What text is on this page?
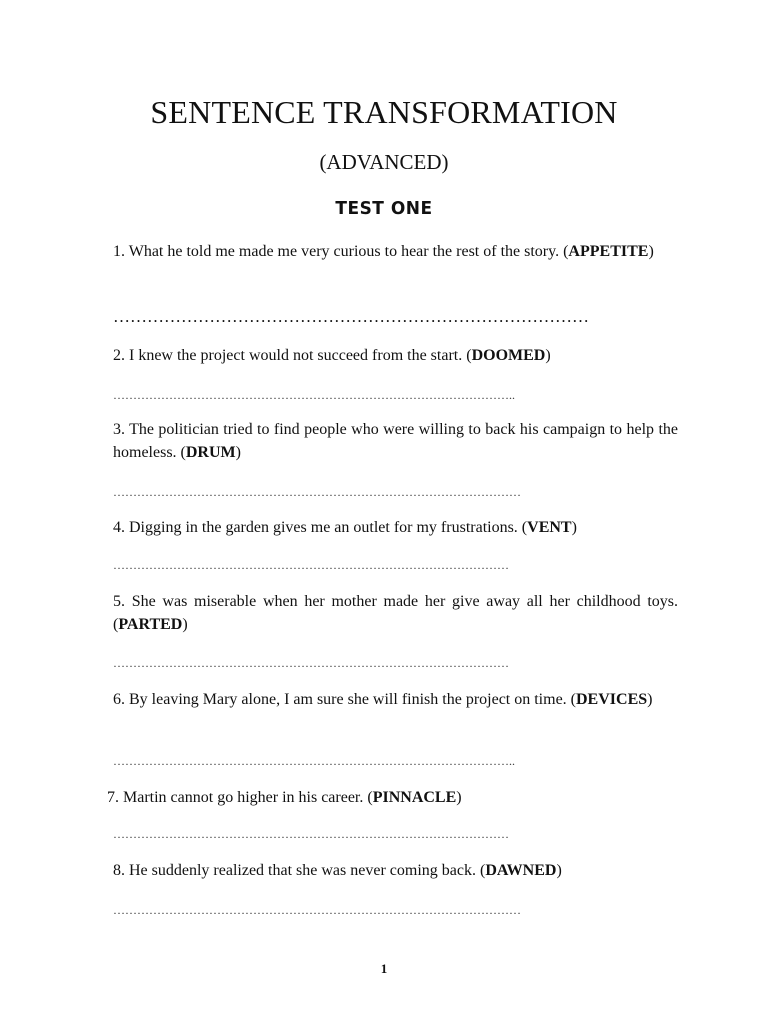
SENTENCE TRANSFORMATION
(ADVANCED)
TEST ONE

1. What he told me made me very curious to hear the rest of the story. (APPETITE)

…………………………………………………………………………

2. I knew the project would not succeed from the start. (DOOMED)

………………………………………………………………………………………..

3. The politician tried to find people who were willing to back his campaign to help the homeless. (DRUM)

…………………………………………………………………………………………

4. Digging in the garden gives me an outlet for my frustrations. (VENT)

………………………………………………………………………………………

5. She was miserable when her mother made her give away all her childhood toys. (PARTED)

………………………………………………………………………………………

6. By leaving Mary alone, I am sure she will finish the project on time. (DEVICES)

………………………………………………………………………………………..

7. Martin cannot go higher in his career. (PINNACLE)

………………………………………………………………………………………

8. He suddenly realized that she was never coming back. (DAWNED)

…………………………………………………………………………………………
1
